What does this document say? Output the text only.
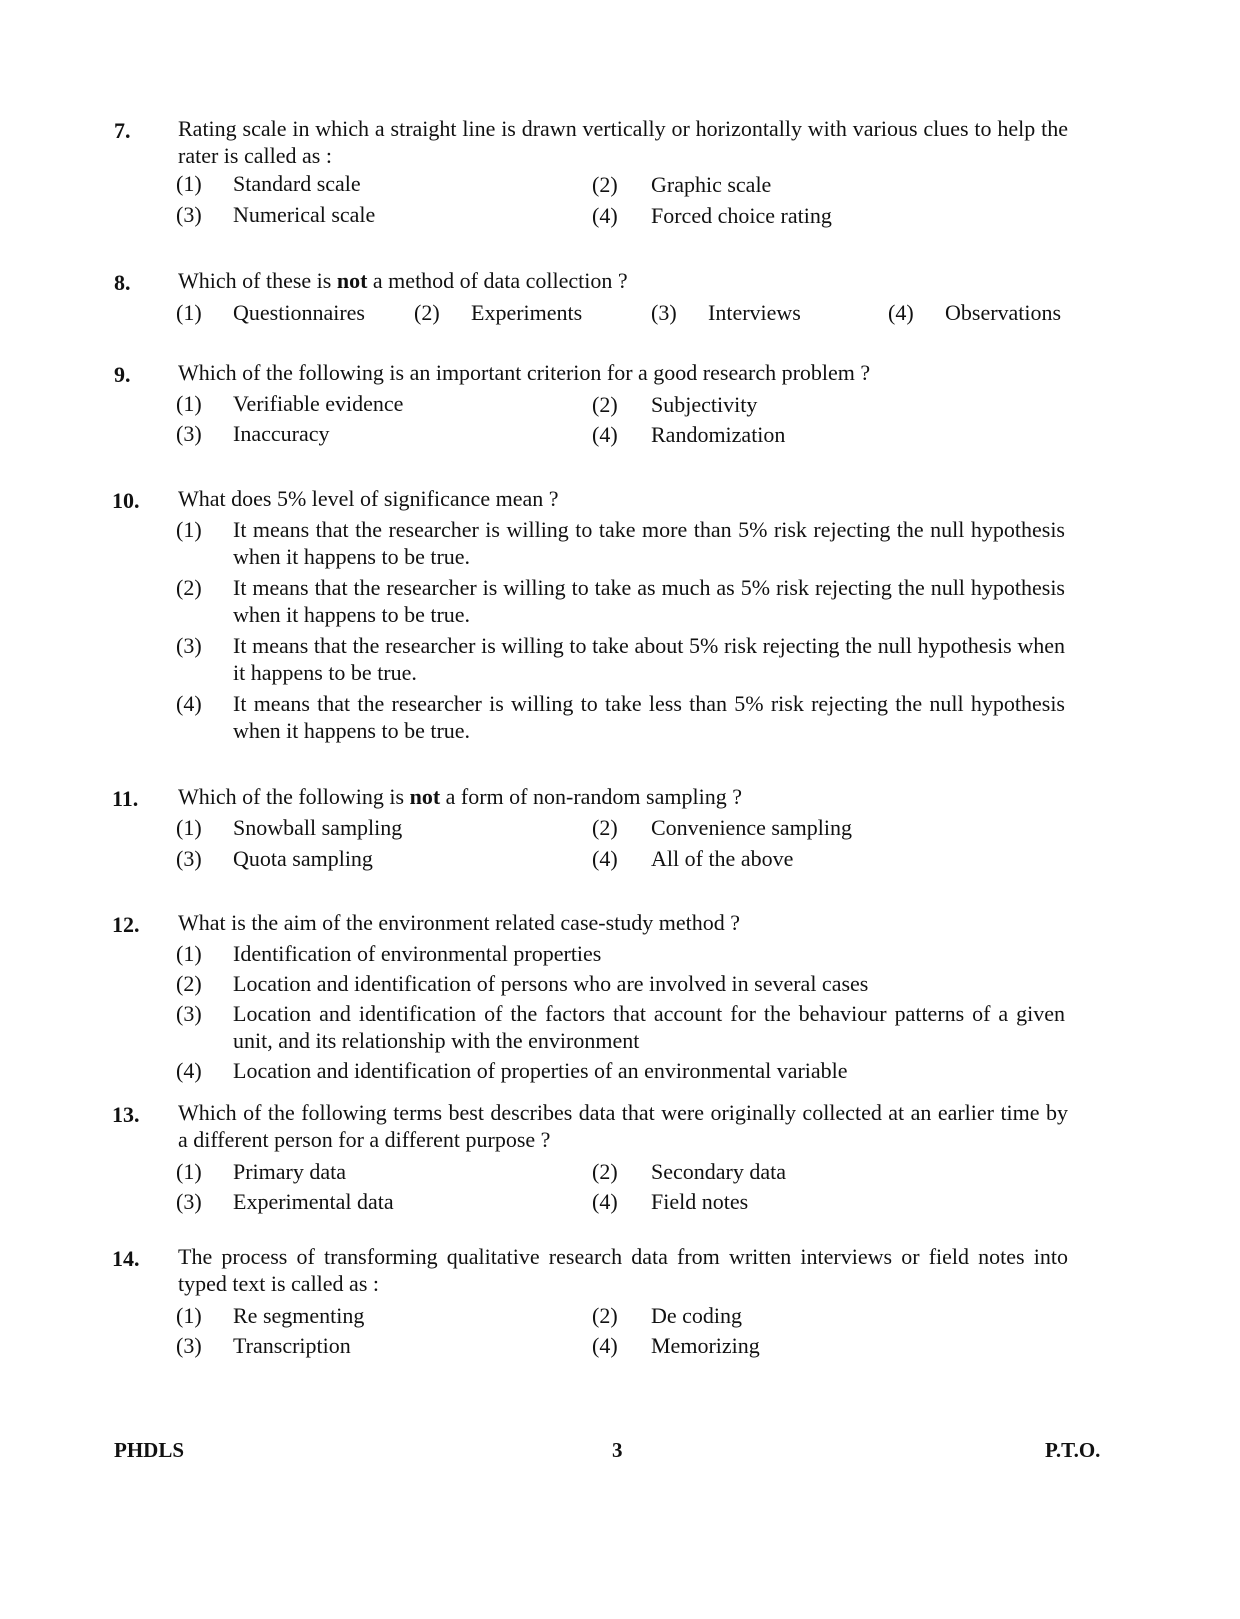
7. Rating scale in which a straight line is drawn vertically or horizontally with various clues to help the rater is called as :
(1) Standard scale	(2) Graphic scale
(3) Numerical scale	(4) Forced choice rating
8. Which of these is not a method of data collection ?
(1) Questionnaires (2) Experiments	(3) Interviews	(4) Observations
9. Which of the following is an important criterion for a good research problem ?
(1) Verifiable evidence	(2) Subjectivity
(3) Inaccuracy	(4) Randomization
10. What does 5% level of significance mean ?
(1) It means that the researcher is willing to take more than 5% risk rejecting the null hypothesis when it happens to be true.
(2) It means that the researcher is willing to take as much as 5% risk rejecting the null hypothesis when it happens to be true.
(3) It means that the researcher is willing to take about 5% risk rejecting the null hypothesis when it happens to be true.
(4) It means that the researcher is willing to take less than 5% risk rejecting the null hypothesis when it happens to be true.
11. Which of the following is not a form of non-random sampling ?
(1) Snowball sampling	(2) Convenience sampling
(3) Quota sampling	(4) All of the above
12. What is the aim of the environment related case-study method ?
(1) Identification of environmental properties
(2) Location and identification of persons who are involved in several cases
(3) Location and identification of the factors that account for the behaviour patterns of a given unit, and its relationship with the environment
(4) Location and identification of properties of an environmental variable
13. Which of the following terms best describes data that were originally collected at an earlier time by a different person for a different purpose ?
(1) Primary data	(2) Secondary data
(3) Experimental data	(4) Field notes
14. The process of transforming qualitative research data from written interviews or field notes into typed text is called as :
(1) Re segmenting	(2) De coding
(3) Transcription	(4) Memorizing
PHDLS	3	P.T.O.
